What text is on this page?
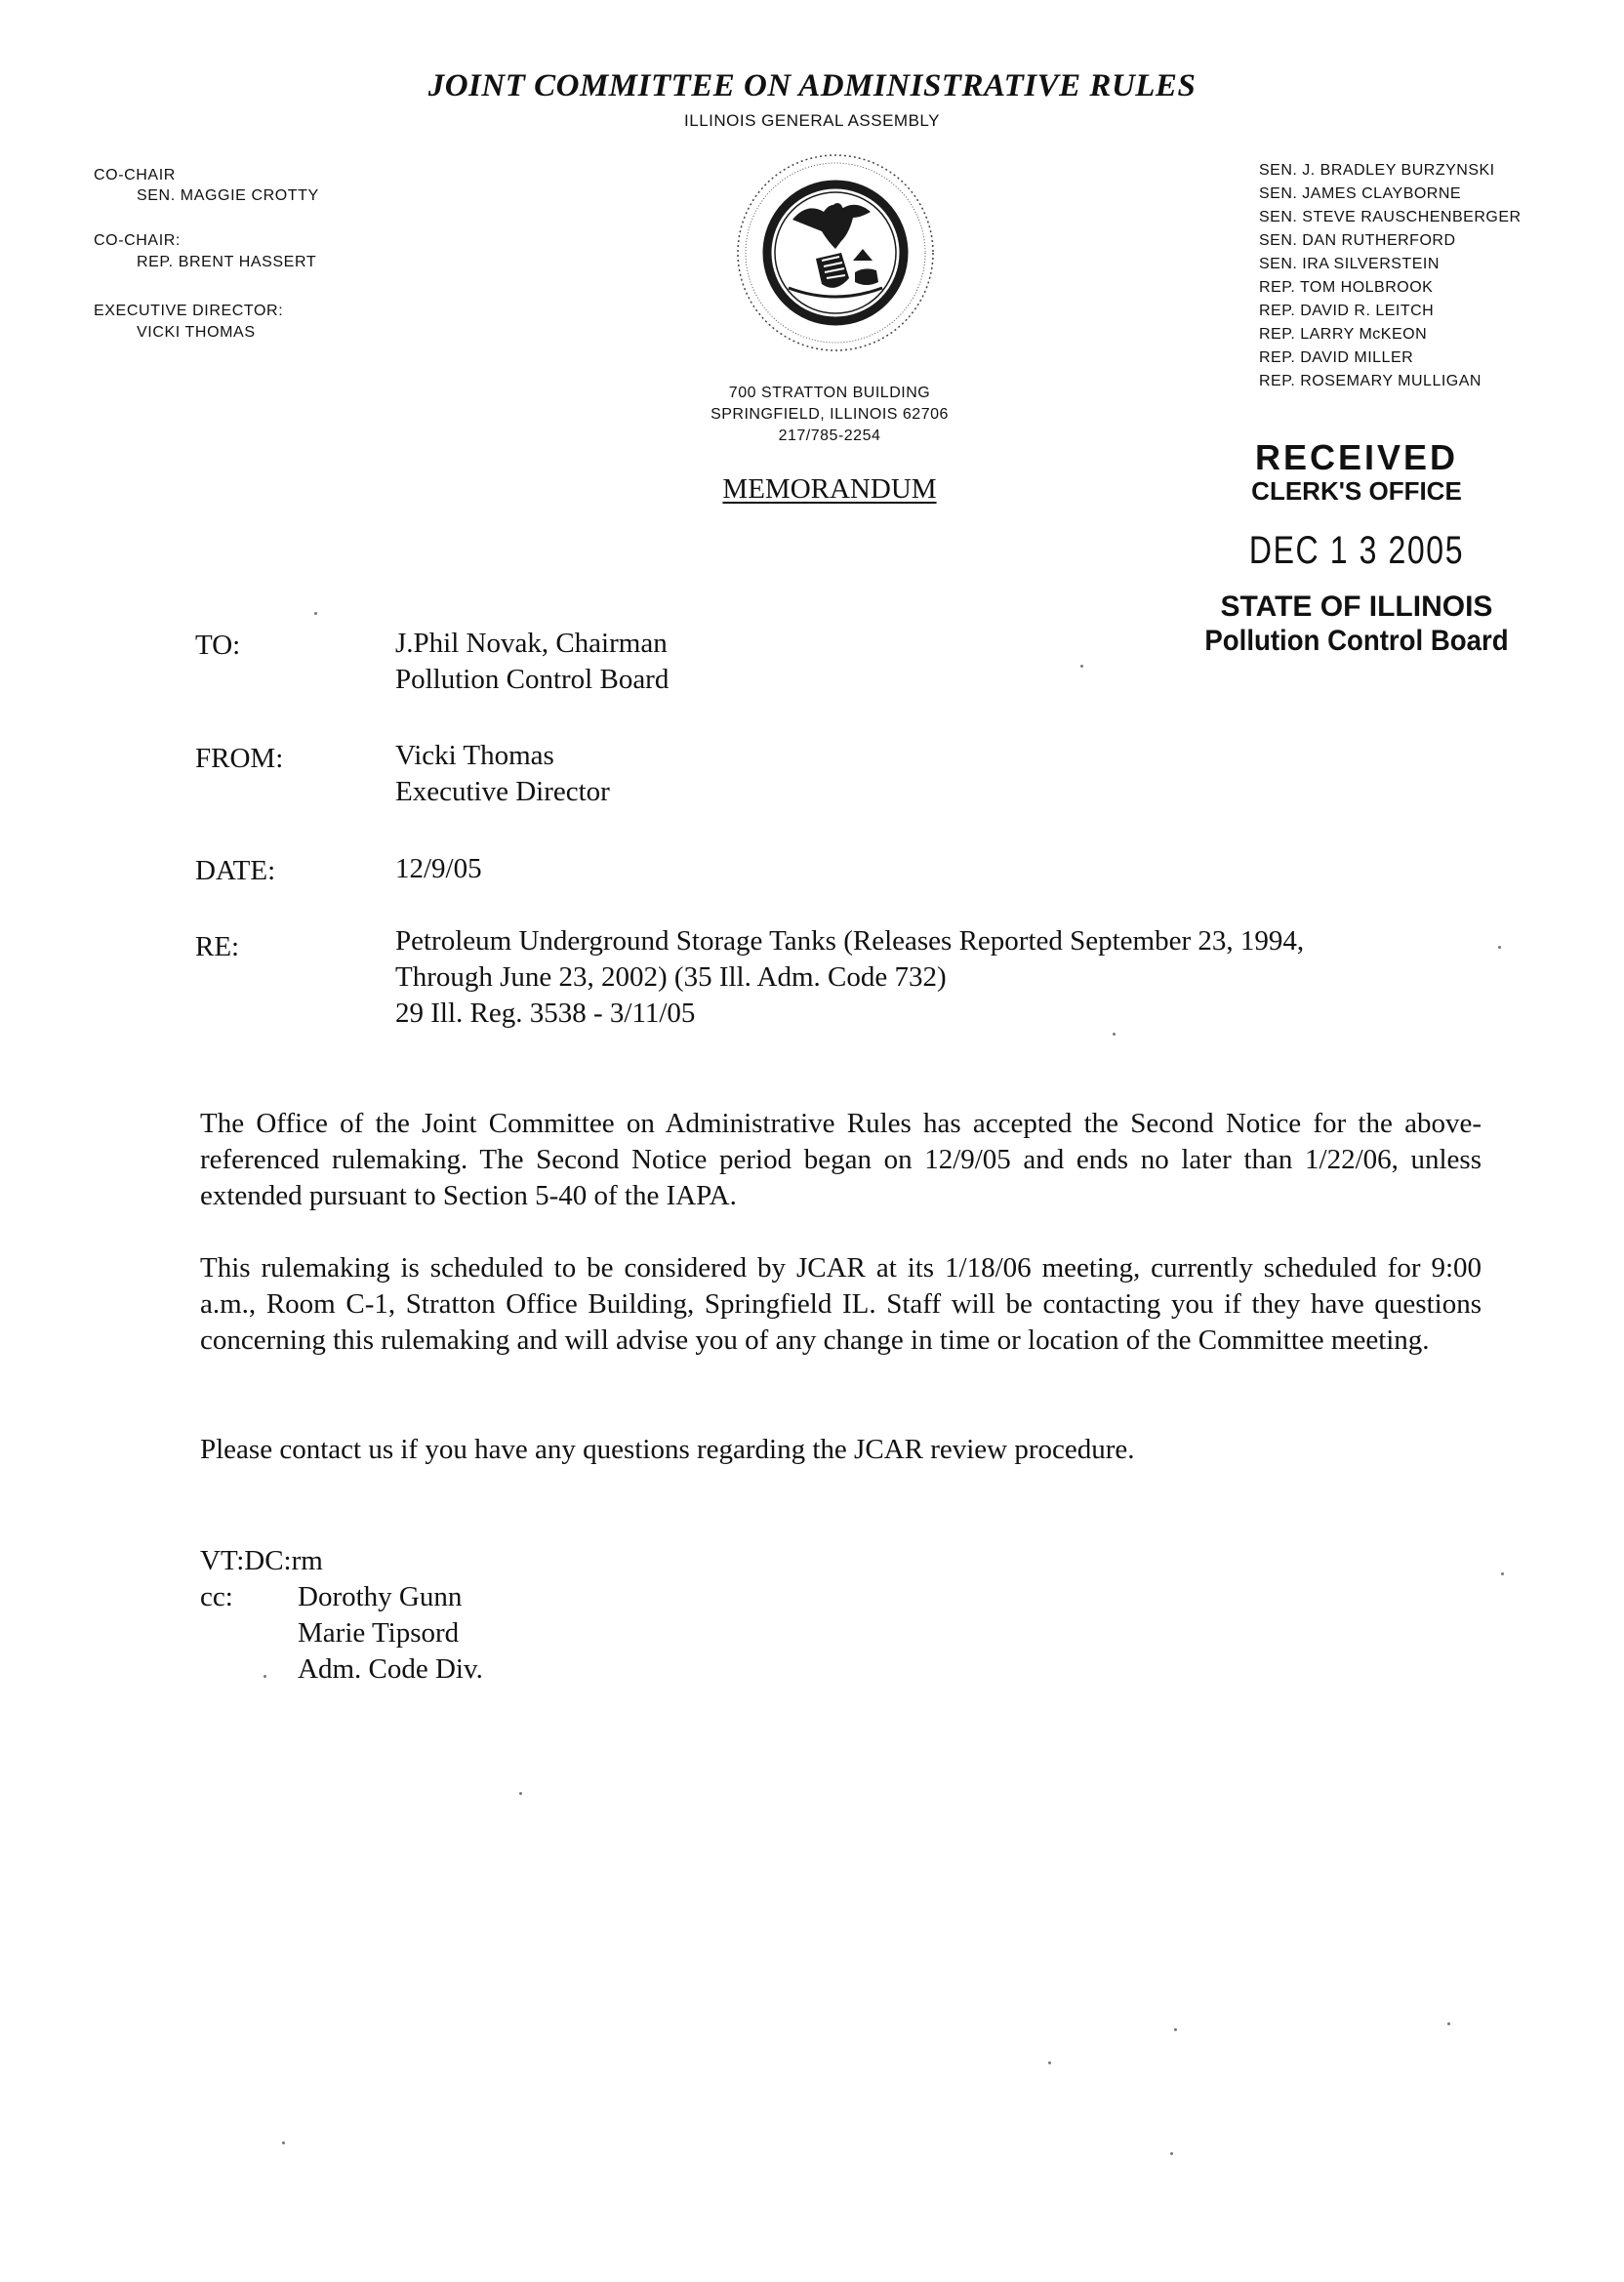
JOINT COMMITTEE ON ADMINISTRATIVE RULES
ILLINOIS GENERAL ASSEMBLY
CO-CHAIR
SEN. MAGGIE CROTTY
CO-CHAIR:
REP. BRENT HASSERT
EXECUTIVE DIRECTOR:
VICKI THOMAS
700 STRATTON BUILDING
SPRINGFIELD, ILLINOIS 62706
217/785-2254
MEMORANDUM
SEN. J. BRADLEY BURZYNSKI
SEN. JAMES CLAYBORNE
SEN. STEVE RAUSCHENBERGER
SEN. DAN RUTHERFORD
SEN. IRA SILVERSTEIN
REP. TOM HOLBROOK
REP. DAVID R. LEITCH
REP. LARRY McKEON
REP. DAVID MILLER
REP. ROSEMARY MULLIGAN
RECEIVED
CLERK'S OFFICE
DEC 1 3 2005
STATE OF ILLINOIS
Pollution Control Board
TO:	J.Phil Novak, Chairman
Pollution Control Board
FROM:	Vicki Thomas
Executive Director
DATE:	12/9/05
RE:	Petroleum Underground Storage Tanks (Releases Reported September 23, 1994,
Through June 23, 2002) (35 Ill. Adm. Code 732)
29 Ill. Reg. 3538 - 3/11/05
The Office of the Joint Committee on Administrative Rules has accepted the Second Notice for the above-referenced rulemaking. The Second Notice period began on 12/9/05 and ends no later than 1/22/06, unless extended pursuant to Section 5-40 of the IAPA.
This rulemaking is scheduled to be considered by JCAR at its 1/18/06 meeting, currently scheduled for 9:00 a.m., Room C-1, Stratton Office Building, Springfield IL. Staff will be contacting you if they have questions concerning this rulemaking and will advise you of any change in time or location of the Committee meeting.
Please contact us if you have any questions regarding the JCAR review procedure.
VT:DC:rm
cc: Dorothy Gunn
Marie Tipsord
Adm. Code Div.
